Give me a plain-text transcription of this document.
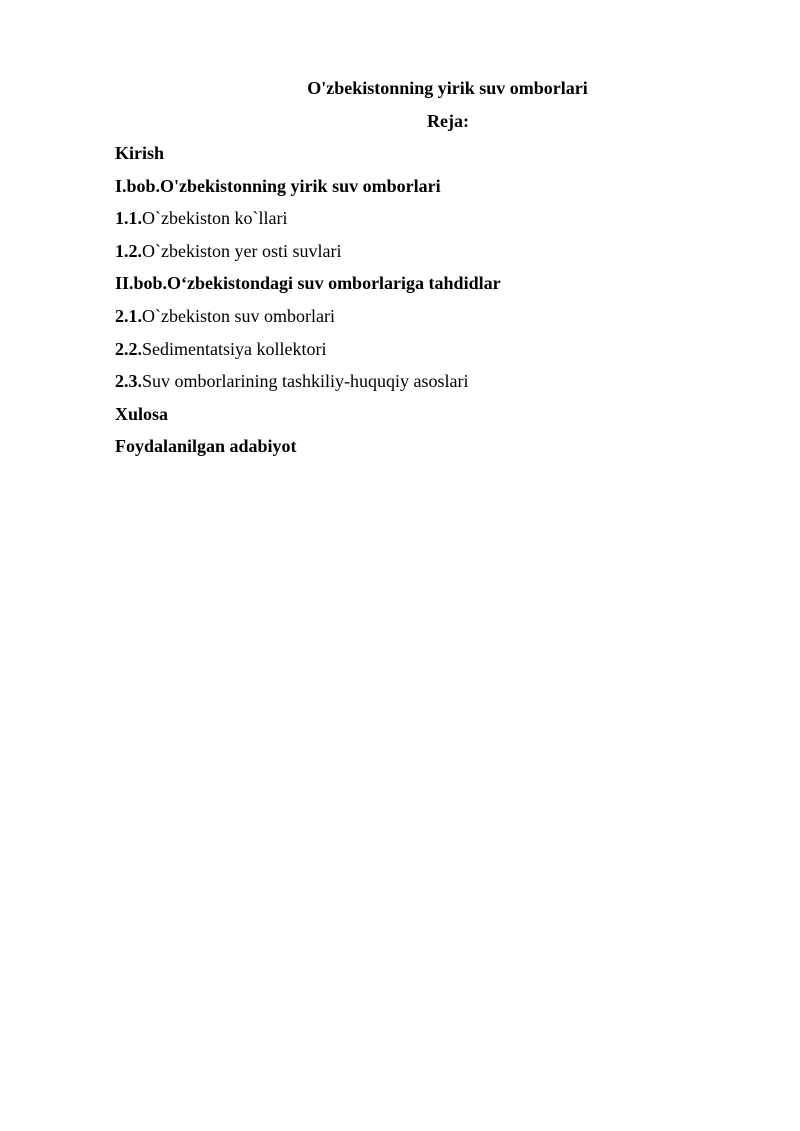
O'zbekistonning yirik suv omborlari
Reja:
Kirish
I.bob.O'zbekistonning yirik suv omborlari
1.1.O`zbekiston ko`llari
1.2.O`zbekiston yer osti suvlari
II.bob.O‘zbekistondagi suv omborlariga tahdidlar
2.1.O`zbekiston suv omborlari
2.2.Sedimentatsiya kollektori
2.3.Suv omborlarining tashkiliy-huquqiy asoslari
Xulosa
Foydalanilgan adabiyot
